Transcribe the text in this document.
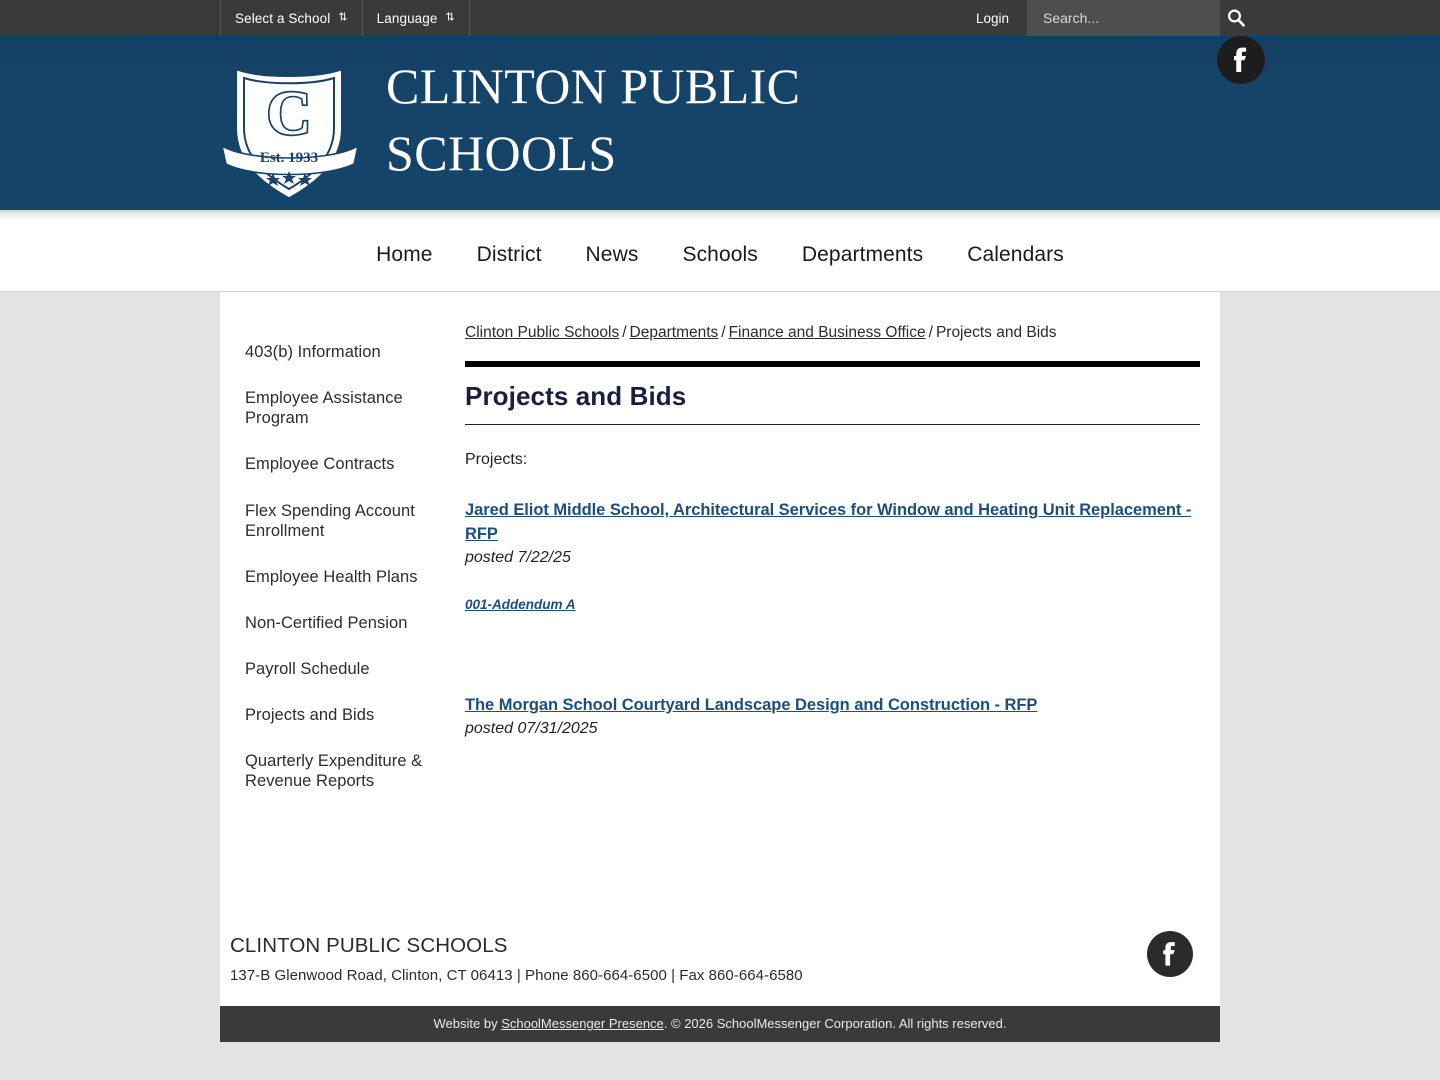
Select a School ⇅ Language ⇅	Login
Search...
C
Est. 1933
CLINTON PUBLIC
SCHOOLS
Home	District	News	Schools	Departments	Calendars
403(b) Information
Employee Assistance Program
Employee Contracts
Flex Spending Account Enrollment
Employee Health Plans
Non-Certified Pension
Payroll Schedule
Projects and Bids
Quarterly Expenditure & Revenue Reports
Clinton Public Schools / Departments / Finance and Business Office / Projects and Bids
Projects and Bids
Projects:
Jared Eliot Middle School, Architectural Services for Window and Heating Unit Replacement - RFP
posted 7/22/25
001-Addendum A
The Morgan School Courtyard Landscape Design and Construction - RFP
posted 07/31/2025
CLINTON PUBLIC SCHOOLS
137-B Glenwood Road, Clinton, CT 06413 | Phone 860-664-6500 | Fax 860-664-6580
Website by SchoolMessenger Presence. © 2026 SchoolMessenger Corporation. All rights reserved.
